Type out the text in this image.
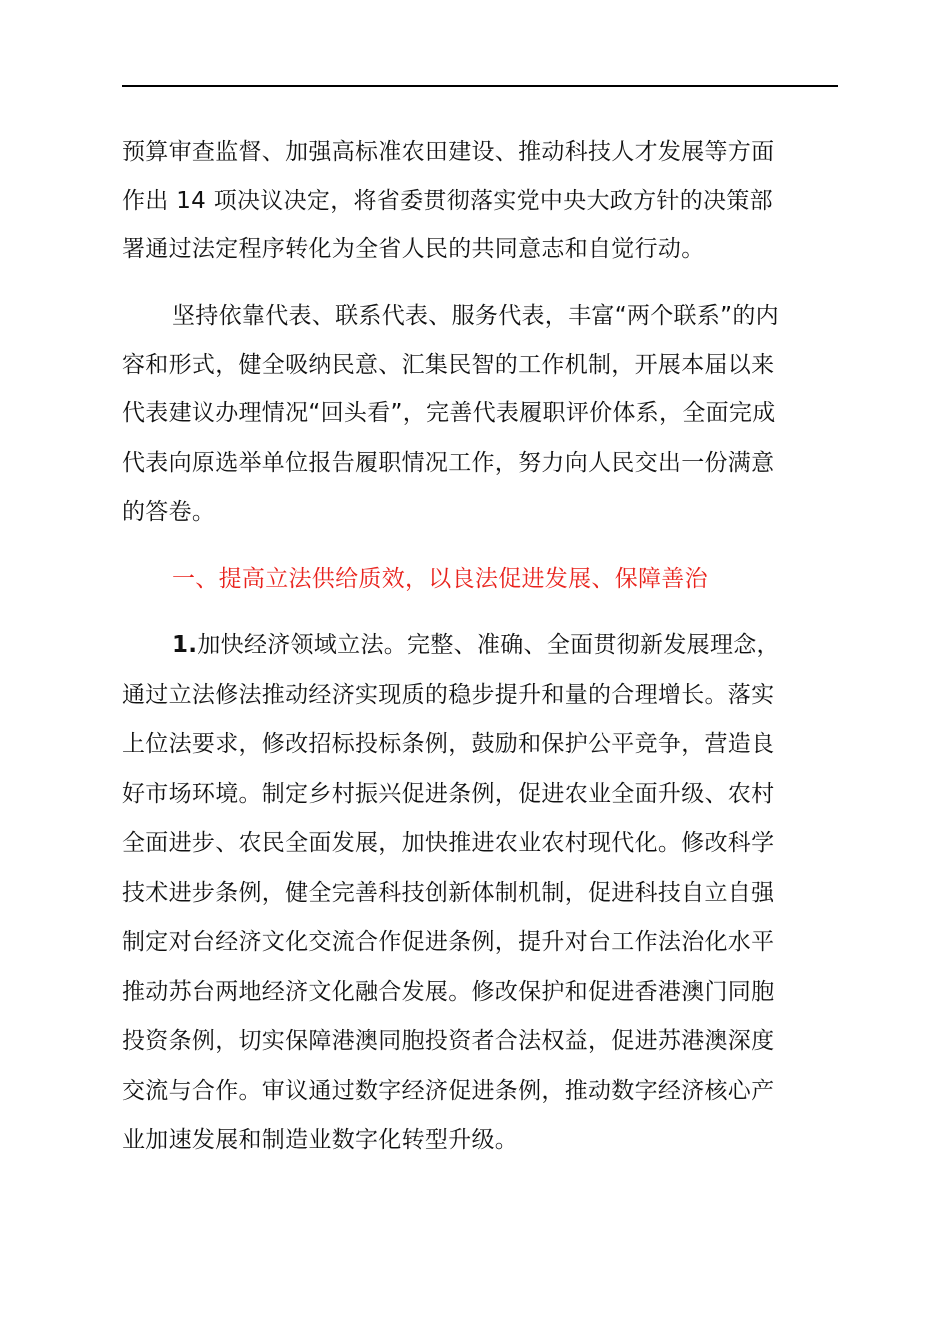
预算审查监督、加强高标准农田建设、推动科技人才发展等方面

作出 14 项决议决定，将省委贯彻落实党中央大政方针的决策部

署通过法定程序转化为全省人民的共同意志和自觉行动。

坚持依靠代表、联系代表、服务代表，丰富“两个联系”的内

容和形式，健全吸纳民意、汇集民智的工作机制，开展本届以来

代表建议办理情况“回头看”，完善代表履职评价体系，全面完成

代表向原选举单位报告履职情况工作，努力向人民交出一份满意

的答卷。

一、提高立法供给质效，以良法促进发展、保障善治

1.加快经济领域立法。完整、准确、全面贯彻新发展理念，

通过立法修法推动经济实现质的稳步提升和量的合理增长。落实

上位法要求，修改招标投标条例，鼓励和保护公平竞争，营造良

好市场环境。制定乡村振兴促进条例，促进农业全面升级、农村

全面进步、农民全面发展，加快推进农业农村现代化。修改科学

技术进步条例，健全完善科技创新体制机制，促进科技自立自强

制定对台经济文化交流合作促进条例，提升对台工作法治化水平

推动苏台两地经济文化融合发展。修改保护和促进香港澳门同胞

投资条例，切实保障港澳同胞投资者合法权益，促进苏港澳深度

交流与合作。审议通过数字经济促进条例，推动数字经济核心产

业加速发展和制造业数字化转型升级。
